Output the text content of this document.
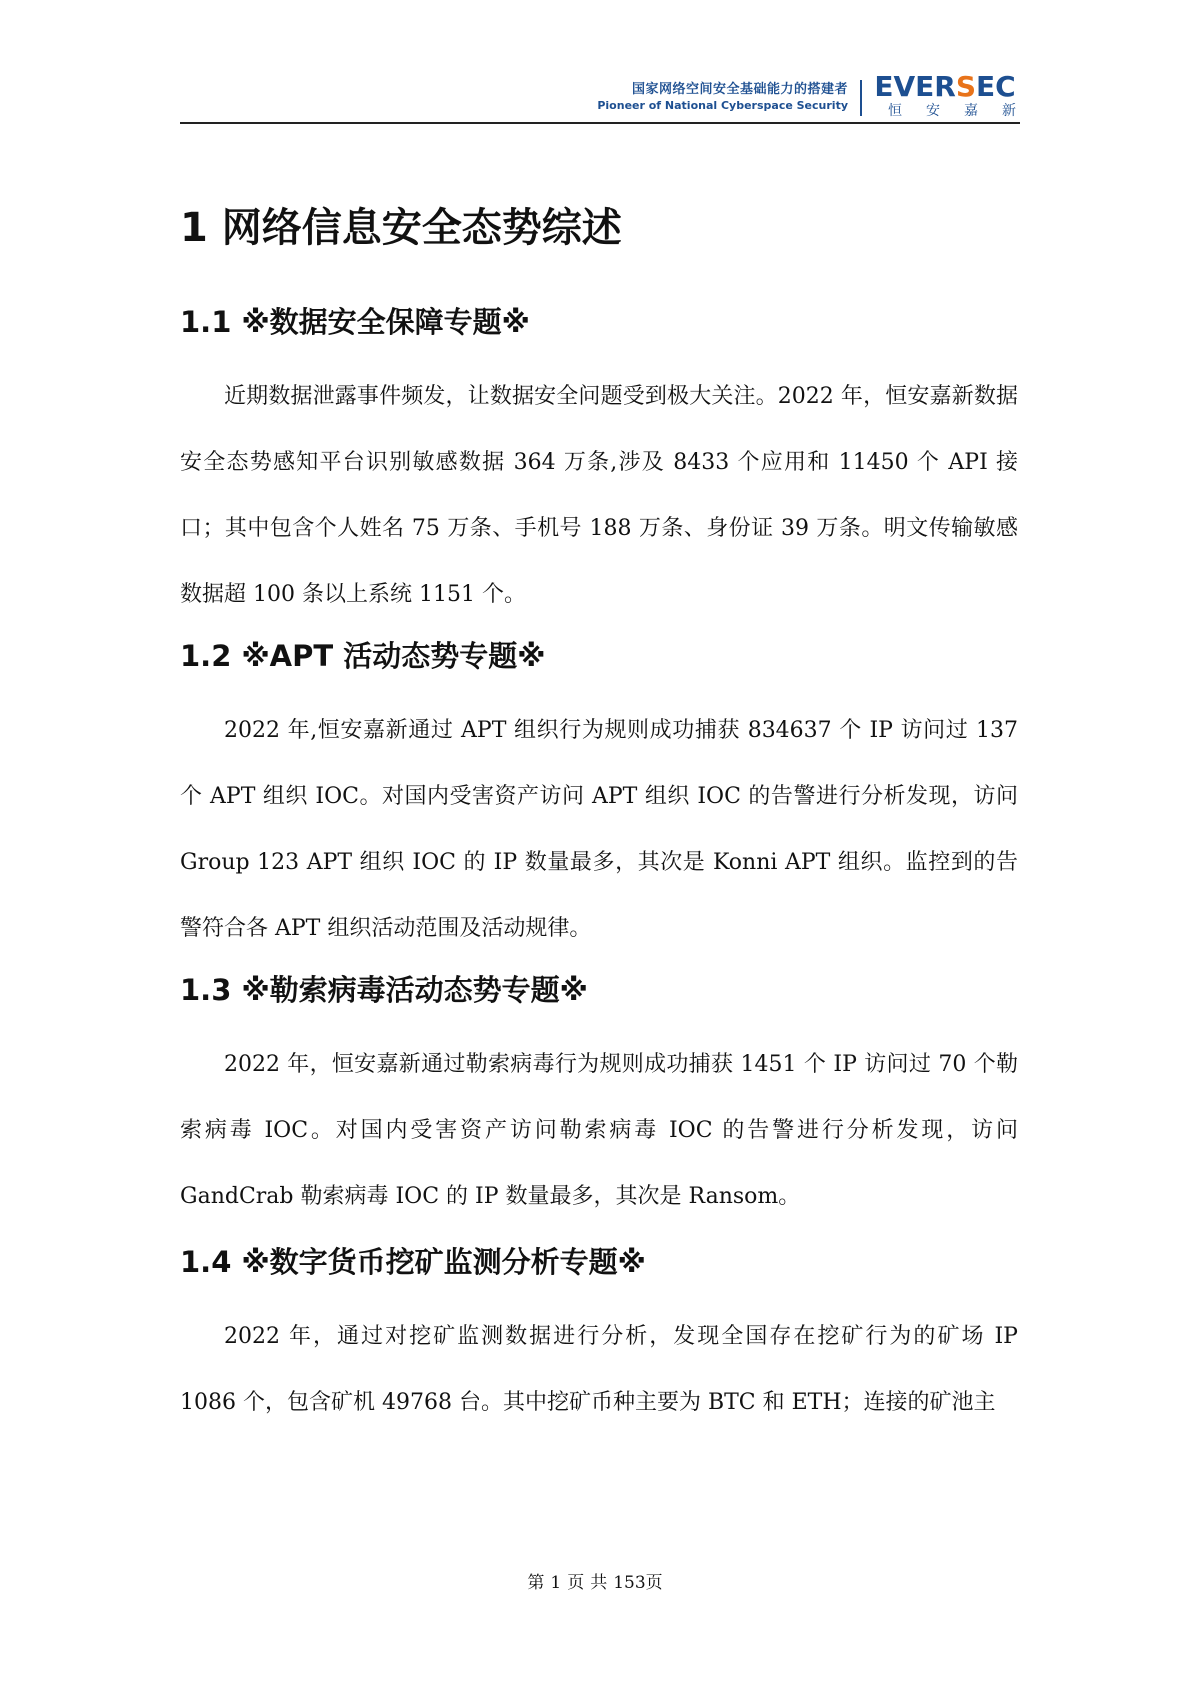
国家网络空间安全基础能力的搭建者
Pioneer of National Cyberspace Security
EVERSEC
恒安嘉新
1 网络信息安全态势综述
1.1 ※数据安全保障专题※

近期数据泄露事件频发，让数据安全问题受到极大关注。2022 年，恒安嘉新数据安全态势感知平台识别敏感数据 364 万条,涉及 8433 个应用和 11450 个 API 接口；其中包含个人姓名 75 万条、手机号 188 万条、身份证 39 万条。明文传输敏感数据超 100 条以上系统 1151 个。

1.2 ※APT 活动态势专题※

2022 年,恒安嘉新通过 APT 组织行为规则成功捕获 834637 个 IP 访问过 137 个 APT 组织 IOC。对国内受害资产访问 APT 组织 IOC 的告警进行分析发现，访问 Group 123 APT 组织 IOC 的 IP 数量最多，其次是 Konni APT 组织。监控到的告警符合各 APT 组织活动范围及活动规律。

1.3 ※勒索病毒活动态势专题※

2022 年，恒安嘉新通过勒索病毒行为规则成功捕获 1451 个 IP 访问过 70 个勒索病毒 IOC。对国内受害资产访问勒索病毒 IOC 的告警进行分析发现，访问 GandCrab 勒索病毒 IOC 的 IP 数量最多，其次是 Ransom。

1.4 ※数字货币挖矿监测分析专题※

2022 年，通过对挖矿监测数据进行分析，发现全国存在挖矿行为的矿场 IP 1086 个，包含矿机 49768 台。其中挖矿币种主要为 BTC 和 ETH；连接的矿池主

第 1 页 共 153页
